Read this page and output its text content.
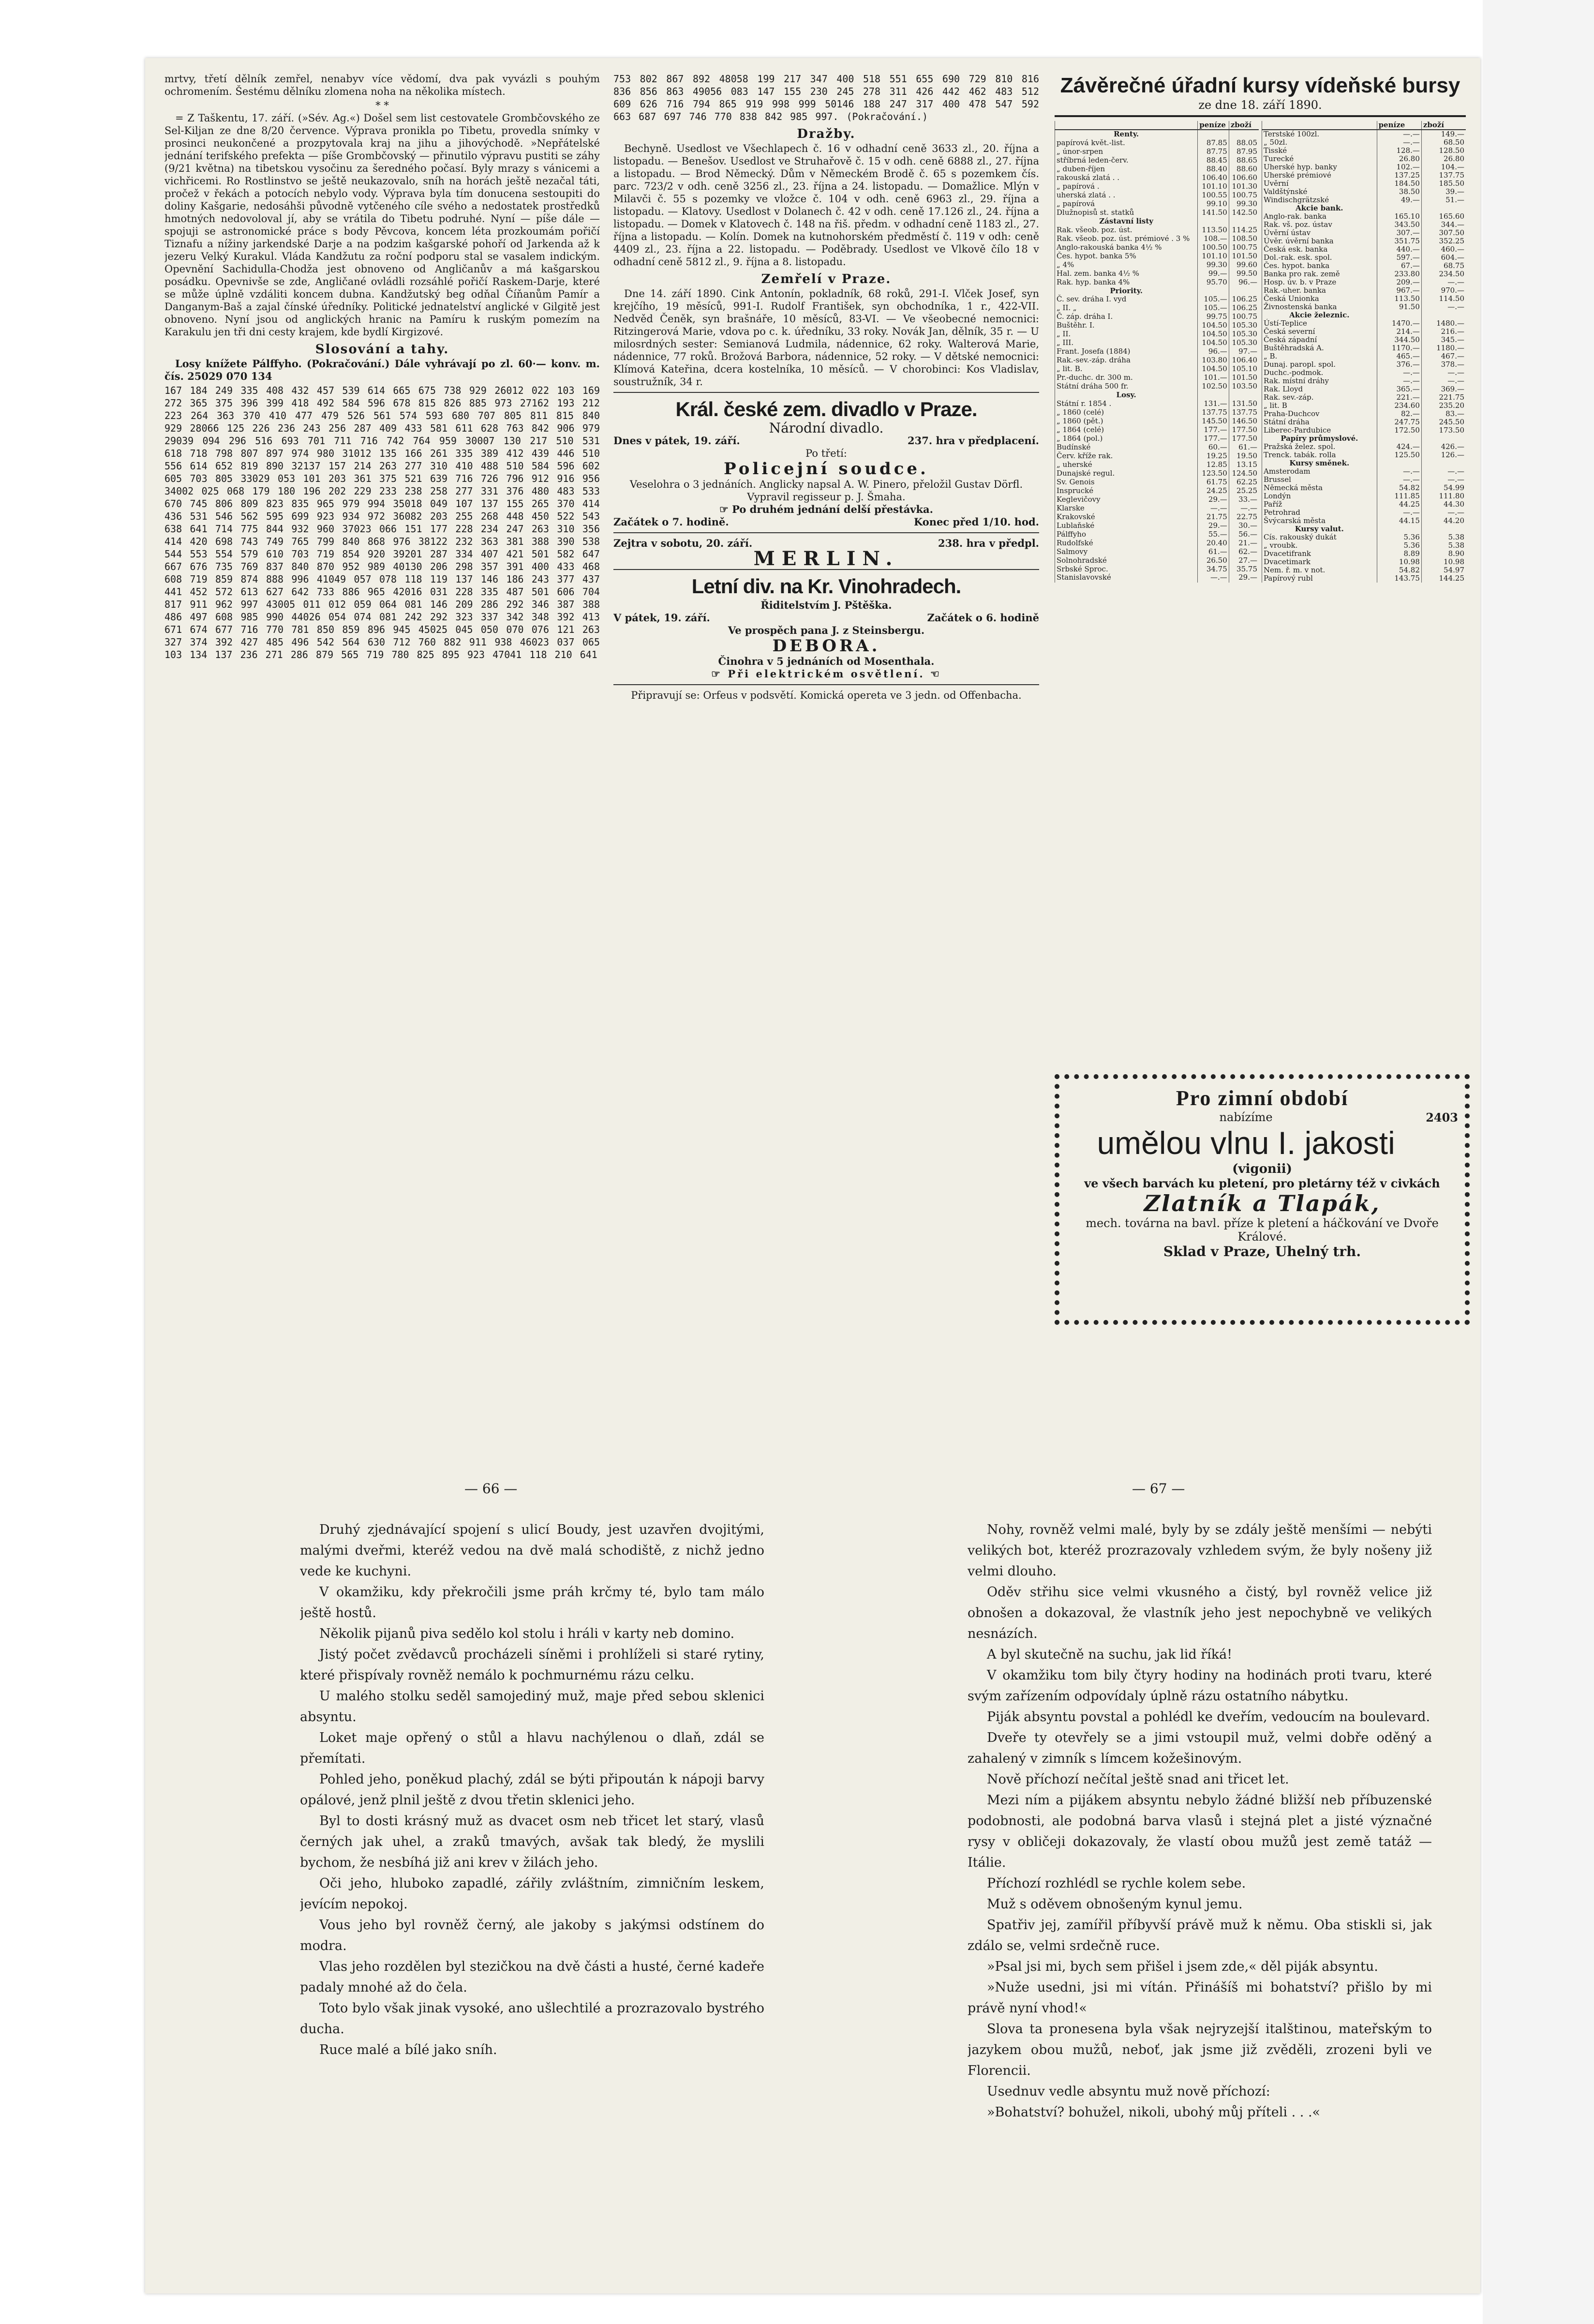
mrtvy, třetí dělník zemřel, nenabyv více vědomí, dva pak vyvázli s pouhým ochromením. Šestému dělníku zlomena noha na několika místech.

* *

= Z Taškentu, 17. září. (»Sév. Ag.«) Došel sem list cestovatele Grombčovského ze Sel-Kiljan ze dne 8/20 července. Výprava pronikla po Tibetu, provedla snímky v prosinci neukončené a prozpytovala kraj na jihu a jihovýchodě. »Nepřátelské jednání terifského prefekta — píše Grombčovský — přinutilo výpravu pustiti se záhy (9/21 května) na tibetskou vysočinu za šeredného počasí. Byly mrazy s vánicemi a vichřicemi. Ro Rostlinstvo se ještě neukazovalo, sníh na horách ještě nezačal táti, pročež v řekách a potocích nebylo vody. Výprava byla tím donucena sestoupiti do doliny Kašgarie, nedosáhši původně vytčeného cíle svého a nedostatek prostředků hmotných nedovoloval jí, aby se vrátila do Tibetu podruhé. Nyní — píše dále — spojuji se astronomické práce s body Pěvcova, koncem léta prozkoumám pořičí Tiznafu a nížiny jarkendské Darje a na podzim kašgarské pohoří od Jarkenda až k jezeru Velký Kurakul. Vláda Kandžutu za roční podporu stal se vasalem indickým. Opevnění Sachidulla-Chodža jest obnoveno od Angličanův a má kašgarskou posádku. Opevnivše se zde, Angličané ovládli rozsáhlé pořičí Raskem-Darje, které se může úplně vzdáliti koncem dubna. Kandžutský beg odňal Číňanům Pamír a Danganym-Baš a zajal čínské úředníky. Politické jednatelství anglické v Gilgitě jest obnoveno. Nyní jsou od anglických hranic na Pamíru k ruským pomezím na Karakulu jen tři dni cesty krajem, kde bydlí Kirgizové.

Slosování a tahy.

Losy knížete Pálffyho. (Pokračování.) Dále vyhrávají po zl. 60·— konv. m. čís. 25029 070 134

167 184 249 335 408 432 457 539 614 665 675 738 929 26012 022 103 169 272 365 375 396 399 418 492 584 596 678 815 826 885 973 27162 193 212 223 264 363 370 410 477 479 526 561 574 593 680 707 805 811 815 840 929 28066 125 226 236 243 256 287 409 433 581 611 628 763 842 906 979 29039 094 296 516 693 701 711 716 742 764 959 30007 130 217 510 531 618 718 798 807 897 974 980 31012 135 166 261 335 389 412 439 446 510 556 614 652 819 890 32137 157 214 263 277 310 410 488 510 584 596 602 605 703 805 33029 053 101 203 361 375 521 639 716 726 796 912 916 956 34002 025 068 179 180 196 202 229 233 238 258 277 331 376 480 483 533 670 745 806 809 823 835 965 979 994 35018 049 107 137 155 265 370 414 436 531 546 562 595 699 923 934 972 36082 203 255 268 448 450 522 543 638 641 714 775 844 932 960 37023 066 151 177 228 234 247 263 310 356 414 420 698 743 749 765 799 840 868 976 38122 232 363 381 388 390 538 544 553 554 579 610 703 719 854 920 39201 287 334 407 421 501 582 647 667 676 735 769 837 840 870 952 989 40130 206 298 357 391 400 433 468 608 719 859 874 888 996 41049 057 078 118 119 137 146 186 243 377 437 441 452 572 613 627 642 733 886 965 42016 031 228 335 487 501 606 704 817 911 962 997 43005 011 012 059 064 081 146 209 286 292 346 387 388 486 497 608 985 990 44026 054 074 081 242 292 323 337 342 348 392 413 671 674 677 716 770 781 850 859 896 945 45025 045 050 070 076 121 263 327 374 392 427 485 496 542 564 630 712 760 882 911 938 46023 037 065 103 134 137 236 271 286 879 565 719 780 825 895 923 47041 118 210 641
753 802 867 892 48058 199 217 347 400 518 551 655 690 729 810 816 836 856 863 49056 083 147 155 230 245 278 311 426 442 462 483 512 609 626 716 794 865 919 998 999 50146 188 247 317 400 478 547 592 663 687 697 746 770 838 842 985 997. (Pokračování.)
Dražby.

Bechyně. Usedlost ve Všechlapech č. 16 v odhadní ceně 3633 zl., 20. října a listopadu. — Benešov. Usedlost ve Struhařově č. 15 v odh. ceně 6888 zl., 27. října a listopadu. — Brod Německý. Dům v Německém Brodě č. 65 s pozemkem čís. parc. 723/2 v odh. ceně 3256 zl., 23. října a 24. listopadu. — Domažlice. Mlýn v Milavči č. 55 s pozemky ve vložce č. 104 v odh. ceně 6963 zl., 29. října a listopadu. — Klatovy. Usedlost v Dolanech č. 42 v odh. ceně 17.126 zl., 24. října a listopadu. — Domek v Klatovech č. 148 na řiš. předm. v odhadní ceně 1183 zl., 27. října a listopadu. — Kolín. Domek na kutnohorském předměstí č. 119 v odh: ceně 4409 zl., 23. října a 22. listopadu. — Poděbrady. Usedlost ve Vlkově čílo 18 v odhadní ceně 5812 zl., 9. října a 8. listopadu.

Zemřelí v Praze.

Dne 14. září 1890. Cink Antonín, pokladník, 68 roků, 291-I. Vlček Josef, syn krejčího, 19 měsíců, 991-I. Rudolf František, syn obchodníka, 1 r., 422-VII. Nedvěd Čeněk, syn brašnáře, 10 měsíců, 83-VI. — Ve všeobecné nemocnici: Ritzingerová Marie, vdova po c. k. úředníku, 33 roky. Novák Jan, dělník, 35 r. — U milosrdných sester: Semianová Ludmila, nádennice, 62 roky. Walterová Marie, nádennice, 77 roků. Brožová Barbora, nádennice, 52 roky. — V dětské nemocnici: Klímová Kateřina, dcera kostelníka, 10 měsíců. — V chorobinci: Kos Vladislav, soustružník, 34 r.

Král. české zem. divadlo v Praze.
Národní divadlo.
Dnes v pátek, 19. září.	237. hra v předplacení.
Po třetí:
Policejní soudce.
Veselohra o 3 jednáních. Anglicky napsal A. W. Pinero, přeložil Gustav Dörfl. Vypravil regisseur p. J. Šmaha.
☞ Po druhém jednání delší přestávka.
Začátek o 7. hodině.	Konec před 1/10. hod.
Zejtra v sobotu, 20. září.	238. hra v předpl.
MERLIN.
Letní div. na Kr. Vinohradech.
Řiditelstvím J. Pštěška.
V pátek, 19. září.	Začátek o 6. hodině
Ve prospěch pana J. z Steinsbergu.
DEBORA.
Činohra v 5 jednáních od Mosenthala.
☞ Při elektrickém osvětlení. ☜
Připravují se: Orfeus v podsvětí. Komická opereta ve 3 jedn. od Offenbacha.
Závěrečné úřadní kursy vídeňské bursy
ze dne 18. září 1890.
	peníze	zboží
Renty.		
papírová květ.-list.	87.85	88.05
„ únor-srpen	87.75	87.95
stříbrná leden-červ.	88.45	88.65
„ duben-říjen	88.40	88.60
rakouská zlatá . .	106.40	106.60
„ papírová .	101.10	101.30
uherská zlatá . .	100.55	100.75
„ papírová	99.10	99.30
Dlužnopisů st. statků	141.50	142.50
Zástavní listy		
Rak. všeob. poz. úst.	113.50	114.25
Rak. všeob. poz. úst. prémiové . 3 %	108.—	108.50
Anglo-rakouská banka 4½ %	100.50	100.75
Čes. hypot. banka 5%	101.10	101.50
„ 4%	99.30	99.60
Hal. zem. banka 4½ %	99.—	99.50
Rak. hyp. banka 4%	95.70	96.—
Priority.		
Č. sev. dráha I. vyd	105.—	106.25
„ II. „	105.—	106.25
Č. záp. dráha I.	99.75	100.75
Buštěhr. I.	104.50	105.30
„ II.	104.50	105.30
„ III.	104.50	105.30
Frant. Josefa (1884)	96.—	97.—
Rak.-sev.-záp. dráha	103.80	106.40
„ lit. B.	104.50	105.10
Pr.-duchc. dr. 300 m.	101.—	101.50
Státní dráha 500 fr.	102.50	103.50
Losy.		
Státní r. 1854 .	131.—	131.50
„ 1860 (celé)	137.75	137.75
„ 1860 (pět.)	145.50	146.50
„ 1864 (celé)	177.—	177.50
„ 1864 (pol.)	177.—	177.50
Budínské	60.—	61.—
Červ. kříže rak.	19.25	19.50
„ uherské	12.85	13.15
Dunajské regul.	123.50	124.50
Sv. Genois	61.75	62.25
Insprucké	24.25	25.25
Keglevičovy	29.—	33.—
Klarske	—.—	—.—
Krakovské	21.75	22.75
Lublaňské	29.—	30.—
Pálffyho	55.—	56.—
Rudolfské	20.40	21.—
Salmovy	61.—	62.—
Solnohradské	26.50	27.—
Srbské Sproc.	34.75	35.75
Stanislavovské	—.—	29.—
	peníze	zboží
Terstské 100zl.	—.—	149.—
„ 50zl.	—.—	68.50
Tisské	128.—	128.50
Turecké	26.80	26.80
Uherské hyp. banky	102.—	104.—
Uherské prémiové	137.25	137.75
Uvěrní	184.50	185.50
Valdštýnské	38.50	39.—
Windischgrätzské	49.—	51.—
Akcie bank.		
Anglo-rak. banka	165.10	165.60
Rak. vš. poz. ústav	343.50	344.—
Úvěrní ústav	307.—	307.50
Úvěr. úvěrní banka	351.75	352.25
Česká esk. banka	440.—	460.—
Dol.-rak. esk. spol.	597.—	604.—
Čes. hypot. banka	67.—	68.75
Banka pro rak. země	233.80	234.50
Hosp. úv. b. v Praze	209.—	—.—
Rak.-uher. banka	967.—	970.—
Česká Unionka	113.50	114.50
Živnostenská banka	91.50	—.—
Akcie železnic.		
Ústí-Teplice	1470.—	1480.—
Česká severní	214.—	216.—
Česká západní	344.50	345.—
Buštěhradská A.	1170.—	1180.—
„ B.	465.—	467.—
Dunaj. paropl. spol.	376.—	378.—
Duchc.-podmok.	—.—	—.—
Rak. místní dráhy	—.—	—.—
Rak. Lloyd	365.—	369.—
Rak. sev.-záp.	221.—	221.75
„ lit. B	234.60	235.20
Praha-Duchcov	82.—	83.—
Státní dráha	247.75	245.50
Liberec-Pardubice	172.50	173.50
Papíry průmyslové.		
Pražská želez. spol.	424.—	426.—
Trenck. tabák. rolla	125.50	126.—
Kursy směnek.		
Amsterodam	—.—	—.—
Brussel	—.—	—.—
Německá města	54.82	54.99
Londýn	111.85	111.80
Paříž	44.25	44.30
Petrohrad	—.—	—.—
Švýcarská města	44.15	44.20
Kursy valut.		
Cís. rakouský dukát	5.36	5.38
„ vroubk.	5.36	5.38
Dvacetifrank	8.89	8.90
Dvacetimark	10.98	10.98
Nem. ř. m. v not.	54.82	54.97
Papírový rubl	143.75	144.25
Pro zimní období
nabízíme	2403
umělou vlnu I. jakosti
(vigonii)
ve všech barvách ku pletení, pro pletárny též v civkách
Zlatník a Tlapák,
mech. továrna na bavl. příze k pletení a háčkování ve Dvoře Králové.
Sklad v Praze, Uhelný trh.
— 66 —	— 67 —

Druhý zjednávající spojení s ulicí Boudy, jest uzavřen dvojitými, malými dveřmi, kteréž vedou na dvě malá schodiště, z nichž jedno vede ke kuchyni.

V okamžiku, kdy překročili jsme práh krčmy té, bylo tam málo ještě hostů.

Několik pijanů piva sedělo kol stolu i hráli v karty neb domino.

Jistý počet zvědavců procházeli síněmi i prohlíželi si staré rytiny, které přispívaly rovněž nemálo k pochmurnému rázu celku.

U malého stolku seděl samojediný muž, maje před sebou sklenici absyntu.

Loket maje opřený o stůl a hlavu nachýlenou o dlaň, zdál se přemítati.

Pohled jeho, poněkud plachý, zdál se býti připoután k nápoji barvy opálové, jenž plnil ještě z dvou třetin sklenici jeho.

Byl to dosti krásný muž as dvacet osm neb třicet let starý, vlasů černých jak uhel, a zraků tmavých, avšak tak bledý, že myslili bychom, že nesbíhá již ani krev v žilách jeho.

Oči jeho, hluboko zapadlé, zářily zvláštním, zimničním leskem, jevícím nepokoj.

Vous jeho byl rovněž černý, ale jakoby s jakýmsi odstínem do modra.

Vlas jeho rozdělen byl stezičkou na dvě části a husté, černé kadeře padaly mnohé až do čela.

Toto bylo však jinak vysoké, ano ušlechtilé a prozrazovalo bystrého ducha.

Ruce malé a bílé jako sníh.

Nohy, rovněž velmi malé, byly by se zdály ještě menšími — nebýti velikých bot, kteréž prozrazovaly vzhledem svým, že byly nošeny již velmi dlouho.

Oděv střihu sice velmi vkusného a čistý, byl rovněž velice již obnošen a dokazoval, že vlastník jeho jest nepochybně ve velikých nesnázích.

A byl skutečně na suchu, jak lid říká!

V okamžiku tom bily čtyry hodiny na hodinách proti tvaru, které svým zařízením odpovídaly úplně rázu ostatního nábytku.

Piják absyntu povstal a pohlédl ke dveřím, vedoucím na boulevard.

Dveře ty otevřely se a jimi vstoupil muž, velmi dobře oděný a zahalený v zimník s límcem kožešinovým.

Nově příchozí nečítal ještě snad ani třicet let.

Mezi ním a pijákem absyntu nebylo žádné bližší neb příbuzenské podobnosti, ale podobná barva vlasů i stejná plet a jisté význačné rysy v obličeji dokazovaly, že vlastí obou mužů jest země tatáž — Itálie.

Příchozí rozhlédl se rychle kolem sebe.

Muž s oděvem obnošeným kynul jemu.

Spatřiv jej, zamířil příbyvší právě muž k němu. Oba stiskli si, jak zdálo se, velmi srdečně ruce.

»Psal jsi mi, bych sem přišel i jsem zde,« děl piják absyntu.

»Nuže usedni, jsi mi vítán. Přinášíš mi bohatství? přišlo by mi právě nyní vhod!«

Slova ta pronesena byla však nejryzejší italštinou, mateřským to jazykem obou mužů, neboť, jak jsme již zvěděli, zrozeni byli ve Florencii.

Usednuv vedle absyntu muž nově příchozí:

»Bohatství? bohužel, nikoli, ubohý můj příteli . . .«
